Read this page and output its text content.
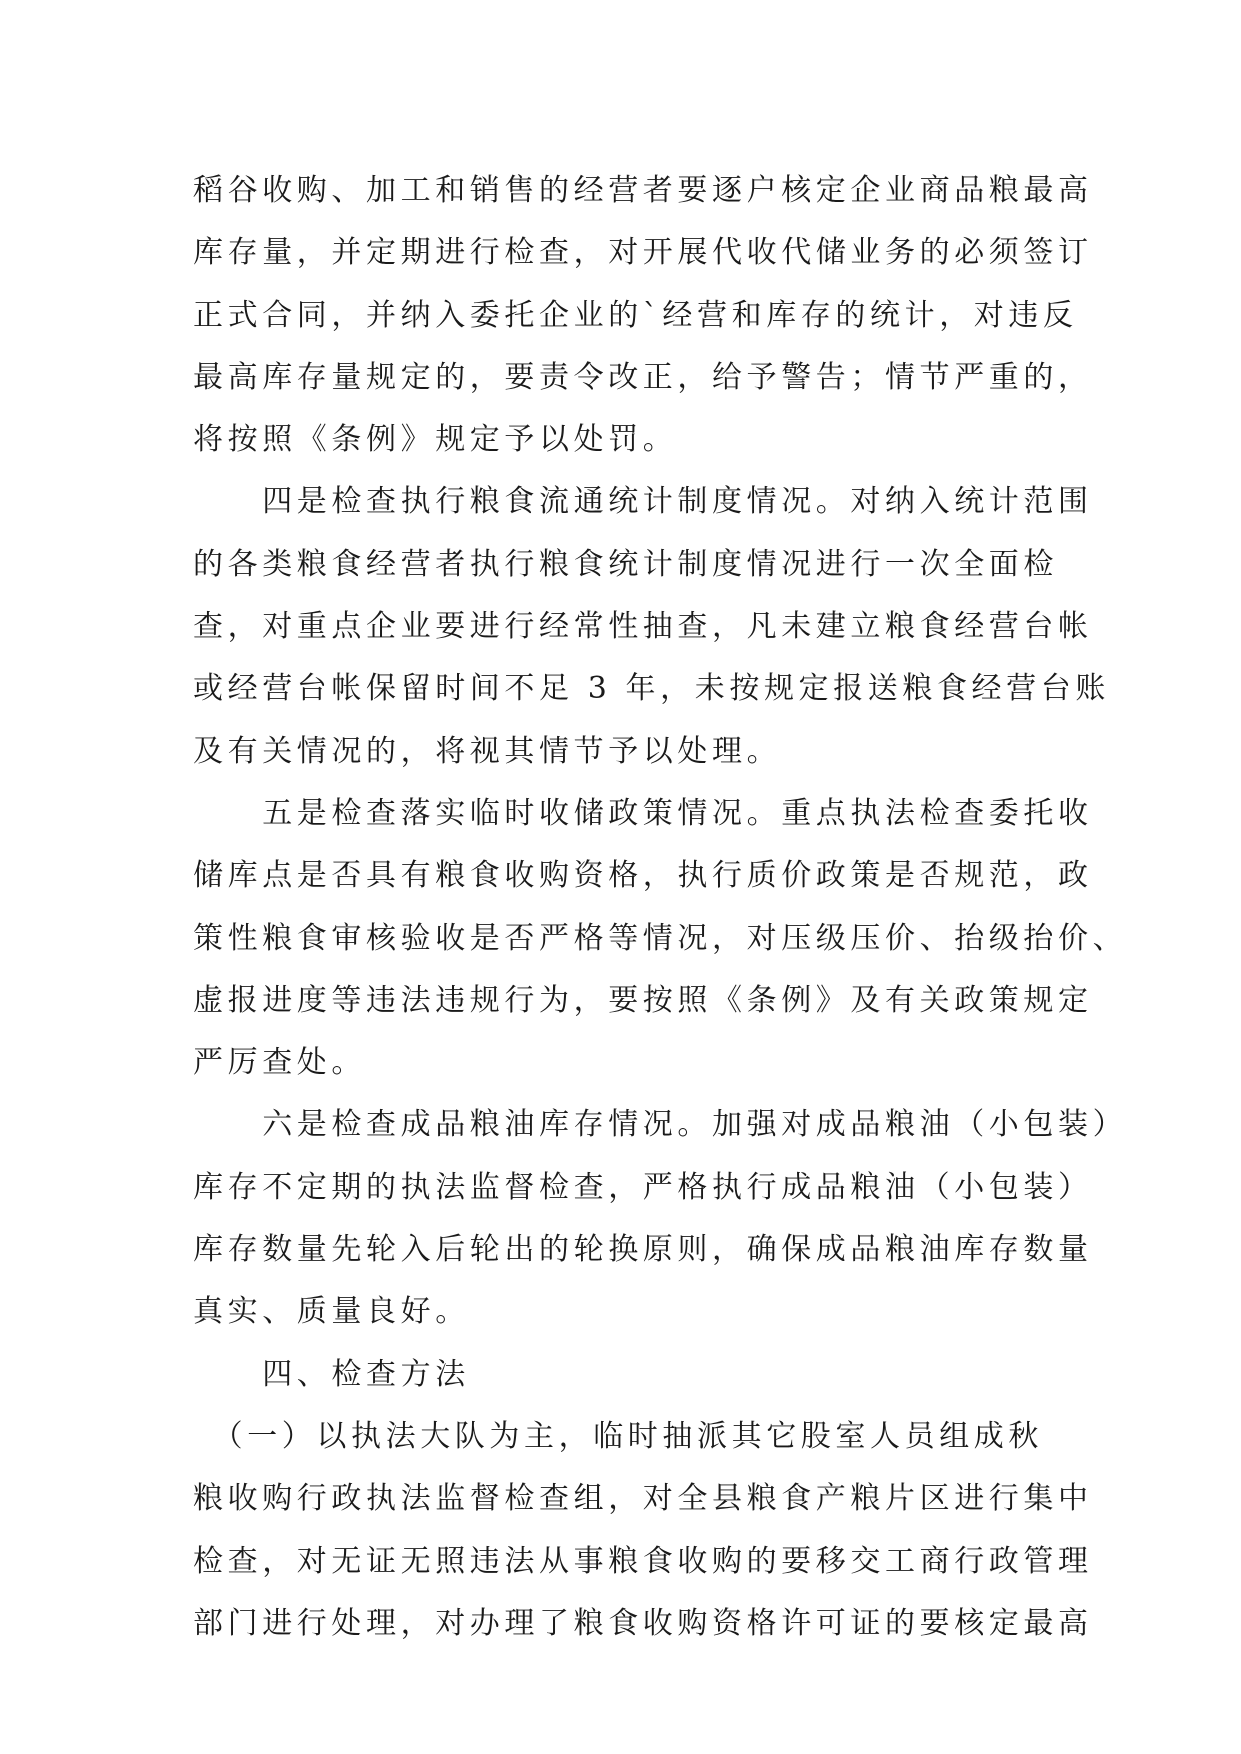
稻谷收购、加工和销售的经营者要逐户核定企业商品粮最高
库存量，并定期进行检查，对开展代收代储业务的必须签订
正式合同，并纳入委托企业的`经营和库存的统计，对违反
最高库存量规定的，要责令改正，给予警告；情节严重的，
将按照《条例》规定予以处罚。
　　四是检查执行粮食流通统计制度情况。对纳入统计范围
的各类粮食经营者执行粮食统计制度情况进行一次全面检
查，对重点企业要进行经常性抽查，凡未建立粮食经营台帐
或经营台帐保留时间不足 3 年，未按规定报送粮食经营台账
及有关情况的，将视其情节予以处理。
　　五是检查落实临时收储政策情况。重点执法检查委托收
储库点是否具有粮食收购资格，执行质价政策是否规范，政
策性粮食审核验收是否严格等情况，对压级压价、抬级抬价、
虚报进度等违法违规行为，要按照《条例》及有关政策规定
严厉查处。
　　六是检查成品粮油库存情况。加强对成品粮油（小包装）
库存不定期的执法监督检查，严格执行成品粮油（小包装）
库存数量先轮入后轮出的轮换原则，确保成品粮油库存数量
真实、质量良好。
　　四、检查方法
　（一）以执法大队为主，临时抽派其它股室人员组成秋
粮收购行政执法监督检查组，对全县粮食产粮片区进行集中
检查，对无证无照违法从事粮食收购的要移交工商行政管理
部门进行处理，对办理了粮食收购资格许可证的要核定最高
